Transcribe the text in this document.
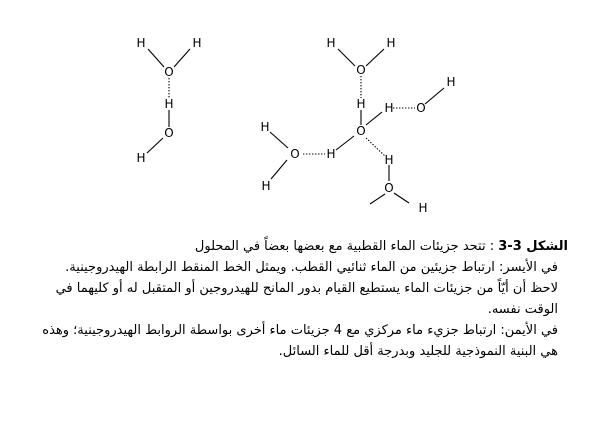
H	H
O
H
O
H
H	H
O
H H O
H
O
H
O H
H
H
O
H

الشكل 3-3 : تتحد جزيئات الماء القطبية مع بعضها بعضاً في المحلول

في الأيسر: ارتباط جزيئين من الماء ثنائيي القطب. ويمثل الخط المنقط الرابطة الهيدروجينية. لاحظ أن أيّاً من جزيئات الماء يستطيع القيام بدور المانح للهيدروجين أو المتقبل له أو كليهما في الوقت نفسه.

في الأيمن: ارتباط جزيء ماء مركزي مع 4 جزيئات ماء أخرى بواسطة الروابط الهيدروجينية؛ وهذه هي البنية النموذجية للجليد وبدرجة أقل للماء السائل.
